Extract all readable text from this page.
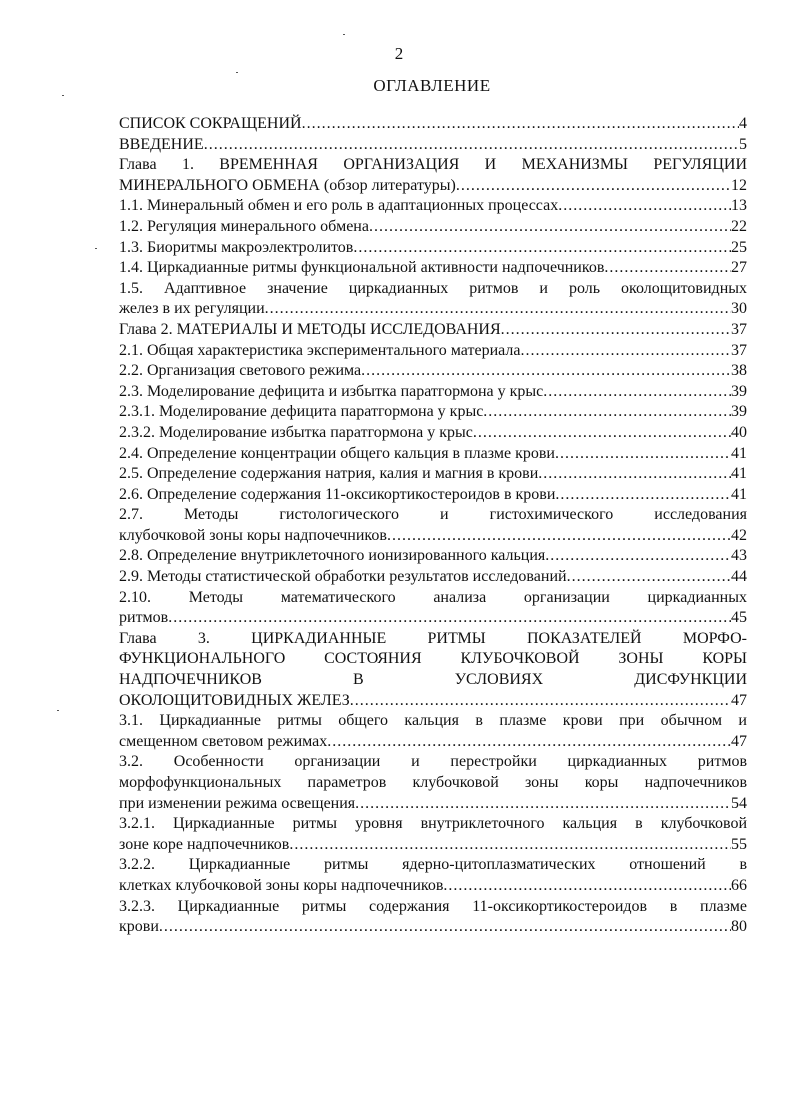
2
ОГЛАВЛЕНИЕ
СПИСОК СОКРАЩЕНИЙ .....	4
ВВЕДЕНИЕ .....	5
Глава 1. ВРЕМЕННАЯ ОРГАНИЗАЦИЯ И МЕХАНИЗМЫ РЕГУЛЯЦИИ
МИНЕРАЛЬНОГО ОБМЕНА (обзор литературы) .....	12
1.1. Минеральный обмен и его роль в адаптационных процессах .....	13
1.2. Регуляция минерального обмена .....	22
1.3. Биоритмы макроэлектролитов .....	25
1.4. Циркадианные ритмы функциональной активности надпочечников .....	27
1.5. Адаптивное значение циркадианных ритмов и роль околощитовидных
желез в их регуляции .....	30
Глава 2. МАТЕРИАЛЫ И МЕТОДЫ ИССЛЕДОВАНИЯ .....	37
2.1. Общая характеристика экспериментального материала .....	37
2.2. Организация светового режима .....	38
2.3. Моделирование дефицита и избытка паратгормона у крыс .....	39
2.3.1. Моделирование дефицита паратгормона у крыс .....	39
2.3.2. Моделирование избытка паратгормона у крыс .....	40
2.4. Определение концентрации общего кальция в плазме крови .....	41
2.5. Определение содержания натрия, калия и магния в крови .....	41
2.6. Определение содержания 11-оксикортикостероидов в крови .....	41
2.7. Методы гистологического и гистохимического исследования
клубочковой зоны коры надпочечников .....	42
2.8. Определение внутриклеточного ионизированного кальция .....	43
2.9. Методы статистической обработки результатов исследований .....	44
2.10. Методы математического анализа организации циркадианных
ритмов .....	45
Глава 3. ЦИРКАДИАННЫЕ РИТМЫ ПОКАЗАТЕЛЕЙ МОРФО-
ФУНКЦИОНАЛЬНОГО СОСТОЯНИЯ КЛУБОЧКОВОЙ ЗОНЫ КОРЫ
НАДПОЧЕЧНИКОВ В УСЛОВИЯХ ДИСФУНКЦИИ
ОКОЛОЩИТОВИДНЫХ ЖЕЛЕЗ .....	47
3.1. Циркадианные ритмы общего кальция в плазме крови при обычном и
смещенном световом режимах .....	47
3.2. Особенности организации и перестройки циркадианных ритмов
морфофункциональных параметров клубочковой зоны коры надпочечников
при изменении режима освещения .....	54
3.2.1. Циркадианные ритмы уровня внутриклеточного кальция в клубочковой
зоне коре надпочечников .....	55
3.2.2. Циркадианные ритмы ядерно-цитоплазматических отношений в
клетках клубочковой зоны коры надпочечников .....	66
3.2.3. Циркадианные ритмы содержания 11-оксикортикостероидов в плазме
крови .....	80
